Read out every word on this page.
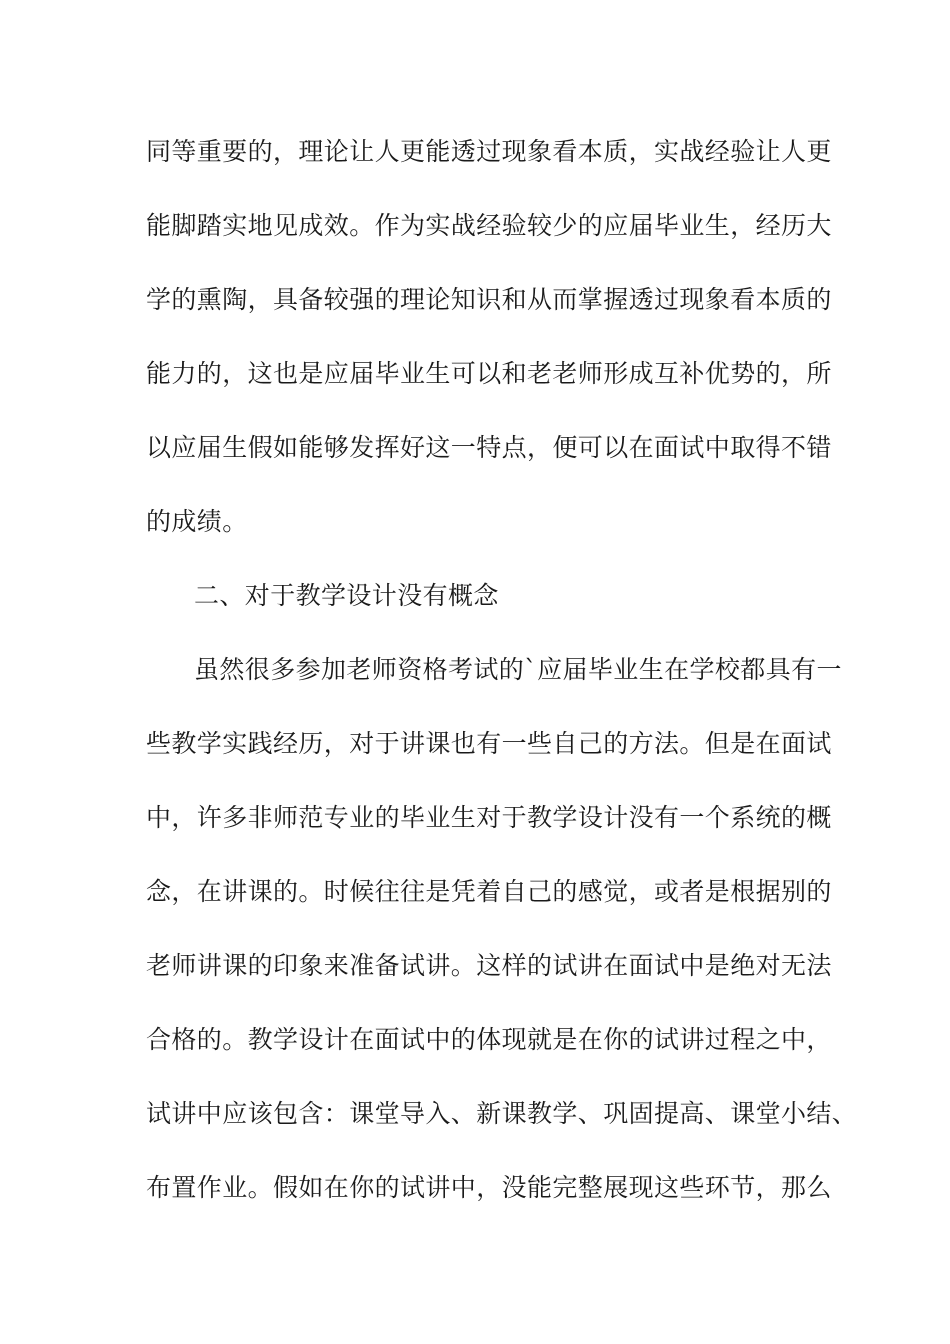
同等重要的，理论让人更能透过现象看本质，实战经验让人更

能脚踏实地见成效。作为实战经验较少的应届毕业生，经历大

学的熏陶，具备较强的理论知识和从而掌握透过现象看本质的

能力的，这也是应届毕业生可以和老老师形成互补优势的，所

以应届生假如能够发挥好这一特点，便可以在面试中取得不错

的成绩。

二、对于教学设计没有概念

虽然很多参加老师资格考试的`应届毕业生在学校都具有一

些教学实践经历，对于讲课也有一些自己的方法。但是在面试

中，许多非师范专业的毕业生对于教学设计没有一个系统的概

念，在讲课的。时候往往是凭着自己的感觉，或者是根据别的

老师讲课的印象来准备试讲。这样的试讲在面试中是绝对无法

合格的。教学设计在面试中的体现就是在你的试讲过程之中，

试讲中应该包含：课堂导入、新课教学、巩固提高、课堂小结、

布置作业。假如在你的试讲中，没能完整展现这些环节，那么
